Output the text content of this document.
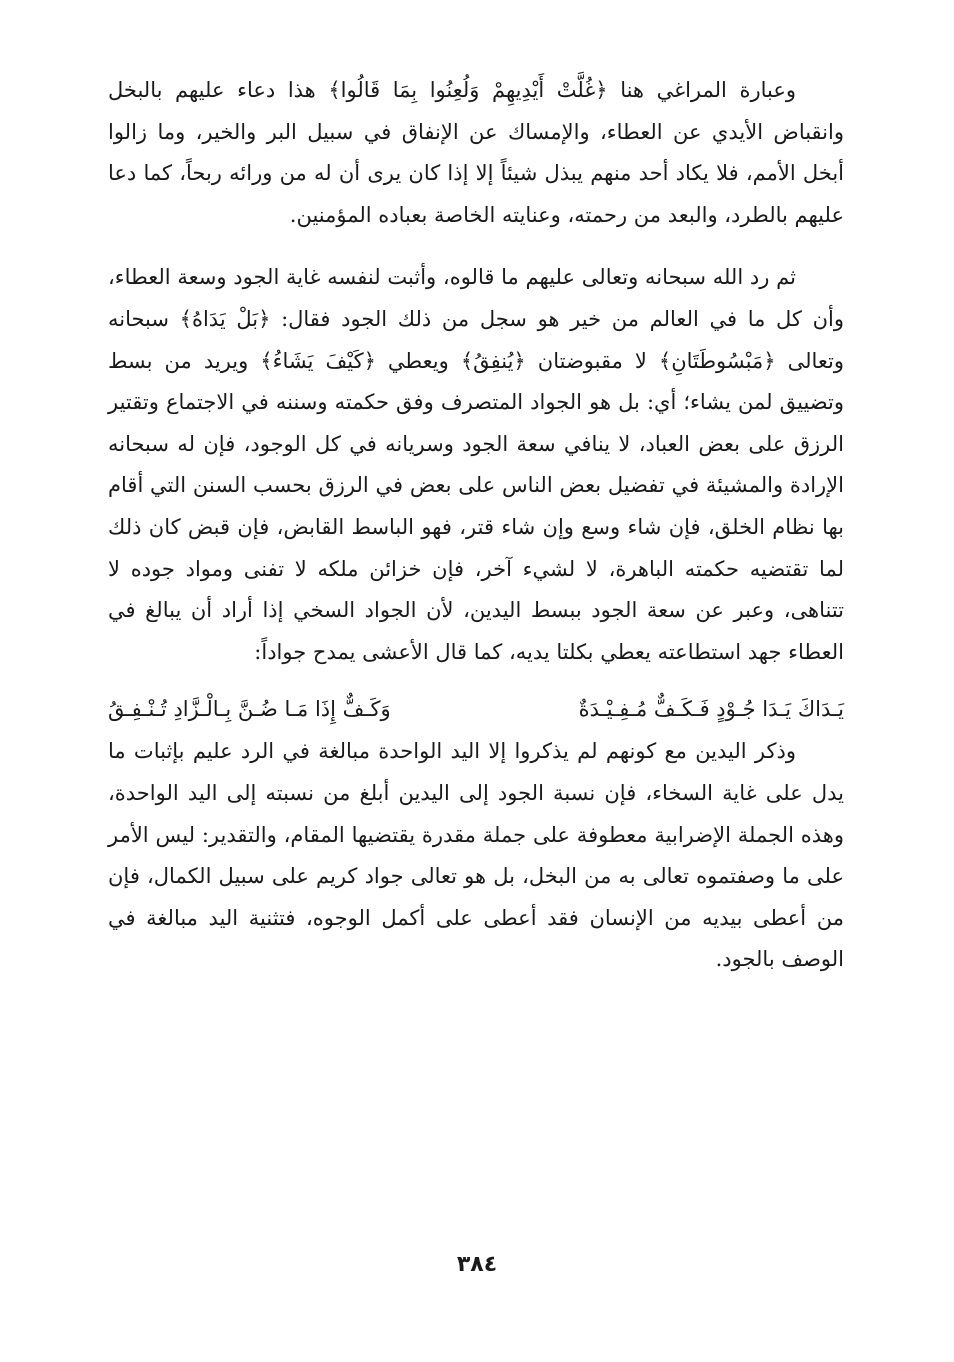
وعبارة المراغي هنا ﴿غُلَّتْ أَيْدِيهِمْ وَلُعِنُوا بِمَا قَالُوا﴾ هذا دعاء عليهم بالبخل وانقباض الأيدي عن العطاء، والإمساك عن الإنفاق في سبيل البر والخير، وما زالوا أبخل الأمم، فلا يكاد أحد منهم يبذل شيئاً إلا إذا كان يرى أن له من ورائه ربحاً، كما دعا عليهم بالطرد، والبعد من رحمته، وعنايته الخاصة بعباده المؤمنين.

ثم رد الله سبحانه وتعالى عليهم ما قالوه، وأثبت لنفسه غاية الجود وسعة العطاء، وأن كل ما في العالم من خير هو سجل من ذلك الجود فقال: ﴿بَلْ يَدَاهُ﴾ سبحانه وتعالى ﴿مَبْسُوطَتَانِ﴾ لا مقبوضتان ﴿يُنفِقُ﴾ ويعطي ﴿كَيْفَ يَشَاءُ﴾ ويريد من بسط وتضييق لمن يشاء؛ أي: بل هو الجواد المتصرف وفق حكمته وسننه في الاجتماع وتقتير الرزق على بعض العباد، لا ينافي سعة الجود وسريانه في كل الوجود، فإن له سبحانه الإرادة والمشيئة في تفضيل بعض الناس على بعض في الرزق بحسب السنن التي أقام بها نظام الخلق، فإن شاء وسع وإن شاء قتر، فهو الباسط القابض، فإن قبض كان ذلك لما تقتضيه حكمته الباهرة، لا لشيء آخر، فإن خزائن ملكه لا تفنى ومواد جوده لا تتناهى، وعبر عن سعة الجود ببسط اليدين، لأن الجواد السخي إذا أراد أن يبالغ في العطاء جهد استطاعته يعطي بكلتا يديه، كما قال الأعشى يمدح جواداً:

يَـدَاكَ يَـدَا جُـوْدٍ فَـكَـفٌّ مُـفِـيْـدَةٌ
وَكَـفٌّ إِذَا مَـا ضُـنَّ بِـالْـزَّادِ تُـنْـفِـقُ

وذكر اليدين مع كونهم لم يذكروا إلا اليد الواحدة مبالغة في الرد عليم بإثبات ما يدل على غاية السخاء، فإن نسبة الجود إلى اليدين أبلغ من نسبته إلى اليد الواحدة، وهذه الجملة الإضرابية معطوفة على جملة مقدرة يقتضيها المقام، والتقدير: ليس الأمر على ما وصفتموه تعالى به من البخل، بل هو تعالى جواد كريم على سبيل الكمال، فإن من أعطى بيديه من الإنسان فقد أعطى على أكمل الوجوه، فتثنية اليد مبالغة في الوصف بالجود.

٣٨٤
